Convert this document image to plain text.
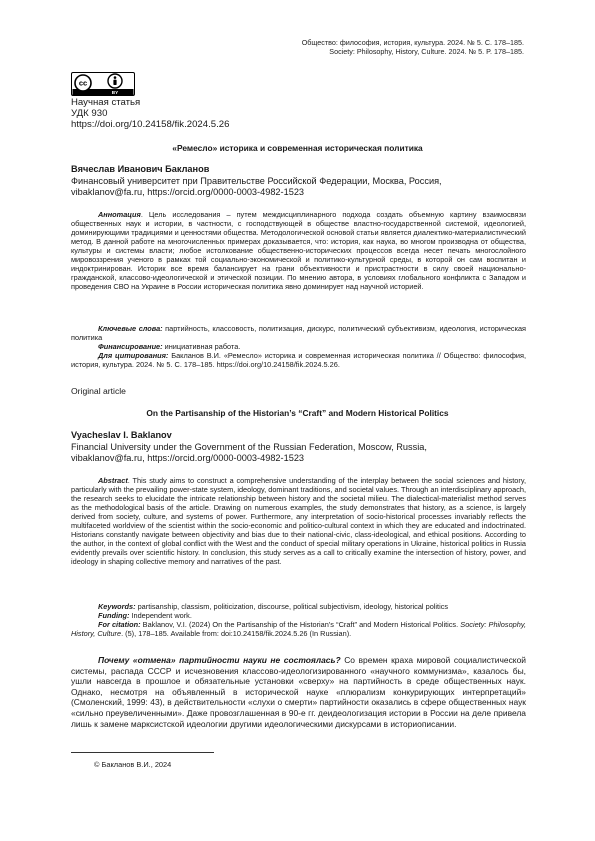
Общество: философия, история, культура. 2024. № 5. С. 178–185.
Society: Philosophy, History, Culture. 2024. № 5. P. 178–185.
cc
BY
Научная статья
УДК 930
https://doi.org/10.24158/fik.2024.5.26
«Ремесло» историка и современная историческая политика
Вячеслав Иванович Бакланов
Финансовый университет при Правительстве Российской Федерации, Москва, Россия,
vibaklanov@fa.ru, https://orcid.org/0000-0003-4982-1523
Аннотация. Цель исследования – путем междисциплинарного подхода создать объемную картину взаимосвязи общественных наук и истории, в частности, с господствующей в обществе властно-государственной системой, идеологией, доминирующими традициями и ценностями общества. Методологической основой статьи является диалектико-материалистический метод. В данной работе на многочисленных примерах доказывается, что: история, как наука, во многом производна от общества, культуры и системы власти; любое истолкование общественно-исторических процессов всегда несет печать многослойного мировоззрения ученого в рамках той социально-экономической и политико-культурной среды, в которой он сам воспитан и индоктринирован. Историк все время балансирует на грани объективности и пристрастности в силу своей национально-гражданской, классово-идеологической и этической позиции. По мнению автора, в условиях глобального конфликта с Западом и проведения СВО на Украине в России историческая политика явно доминирует над научной историей.
Ключевые слова: партийность, классовость, политизация, дискурс, политический субъективизм, идеология, историческая политика
Финансирование: инициативная работа.
Для цитирования: Бакланов В.И. «Ремесло» историка и современная историческая политика // Общество: философия, история, культура. 2024. № 5. С. 178–185. https://doi.org/10.24158/fik.2024.5.26.
Original article
On the Partisanship of the Historian’s “Craft” and Modern Historical Politics
Vyacheslav I. Baklanov
Financial University under the Government of the Russian Federation, Moscow, Russia,
vibaklanov@fa.ru, https://orcid.org/0000-0003-4982-1523
Abstract. This study aims to construct a comprehensive understanding of the interplay between the social sciences and history, particularly with the prevailing power-state system, ideology, dominant traditions, and societal values. Through an interdisciplinary approach, the research seeks to elucidate the intricate relationship between history and the societal milieu. The dialectical-materialist method serves as the methodological basis of the article. Drawing on numerous examples, the study demonstrates that history, as a science, is largely derived from society, culture, and systems of power. Furthermore, any interpretation of socio-historical processes invariably reflects the multifaceted worldview of the scientist within the socio-economic and politico-cultural context in which they are educated and indoctrinated. Historians constantly navigate between objectivity and bias due to their national-civic, class-ideological, and ethical positions. According to the author, in the context of global conflict with the West and the conduct of special military operations in Ukraine, historical politics in Russia evidently prevails over scientific history. In conclusion, this study serves as a call to critically examine the intersection of history, power, and ideology in shaping collective memory and narratives of the past.
Keywords: partisanship, classism, politicization, discourse, political subjectivism, ideology, historical politics
Funding: Independent work.
For citation: Baklanov, V.I. (2024) On the Partisanship of the Historian’s “Craft” and Modern Historical Politics. Society: Philosophy, History, Culture. (5), 178–185. Available from: doi:10.24158/fik.2024.5.26 (In Russian).
Почему «отмена» партийности науки не состоялась? Со времен краха мировой социалистической системы, распада СССР и исчезновения классово-идеологизированного «научного коммунизма», казалось бы, ушли навсегда в прошлое и обязательные установки «сверху» на партийность в среде общественных наук. Однако, несмотря на объявленный в исторической науке «плюрализм конкурирующих интерпретаций» (Смоленский, 1999: 43), в действительности «слухи о смерти» партийности оказались в сфере общественных наук «сильно преувеличенными». Даже провозглашенная в 90-е гг. деидеологизация истории в России на деле привела лишь к замене марксистской идеологии другими идеологическими дискурсами в историописании.
© Бакланов В.И., 2024
